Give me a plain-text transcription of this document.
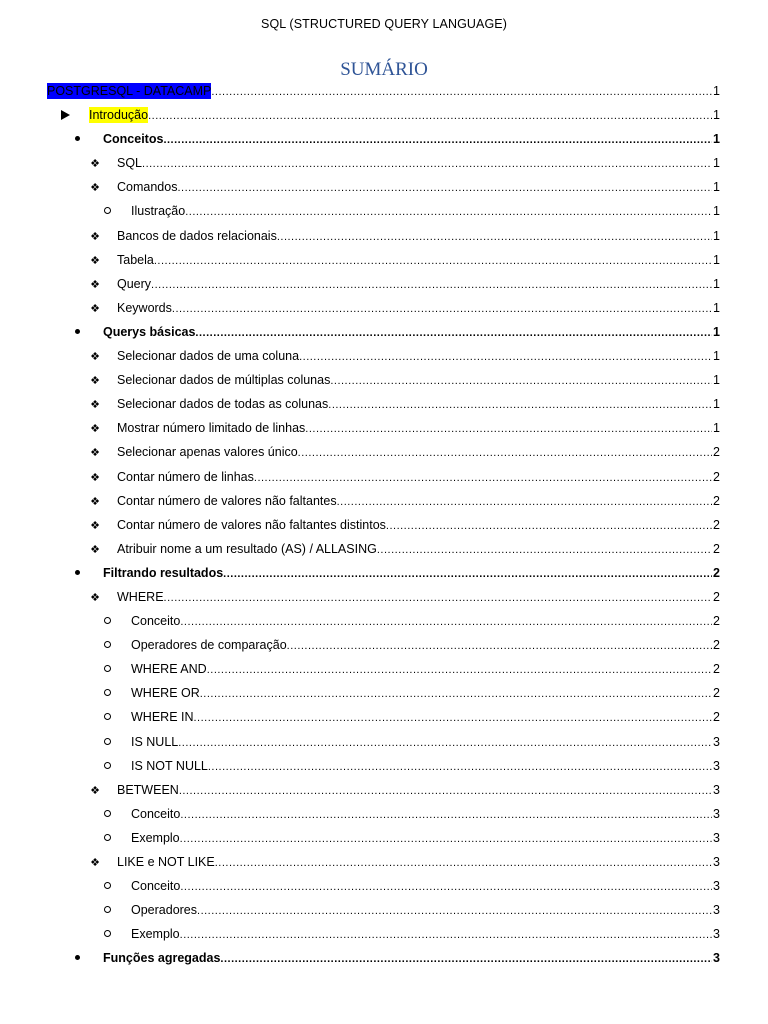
SQL (STRUCTURED QUERY LANGUAGE)
SUMÁRIO
POSTGRESQL - DATACAMP .....	1
Introdução .....	1
Conceitos .....	1
❖ SQL .....	1
❖ Comandos .....	1
Ilustração .....	1
❖ Bancos de dados relacionais .....	1
❖ Tabela .....	1
❖ Query .....	1
❖ Keywords .....	1
Querys básicas .....	1
❖ Selecionar dados de uma coluna .....	1
❖ Selecionar dados de múltiplas colunas .....	1
❖ Selecionar dados de todas as colunas .....	1
❖ Mostrar número limitado de linhas .....	1
❖ Selecionar apenas valores único .....	2
❖ Contar número de linhas .....	2
❖ Contar número de valores não faltantes .....	2
❖ Contar número de valores não faltantes distintos .....	2
❖ Atribuir nome a um resultado (AS) / ALLASING .....	2
Filtrando resultados .....	2
❖ WHERE .....	2
Conceito .....	2
Operadores de comparação .....	2
WHERE AND .....	2
WHERE OR .....	2
WHERE IN .....	2
IS NULL .....	3
IS NOT NULL .....	3
❖ BETWEEN .....	3
Conceito .....	3
Exemplo .....	3
❖ LIKE e NOT LIKE .....	3
Conceito .....	3
Operadores .....	3
Exemplo .....	3
Funções agregadas .....	3
